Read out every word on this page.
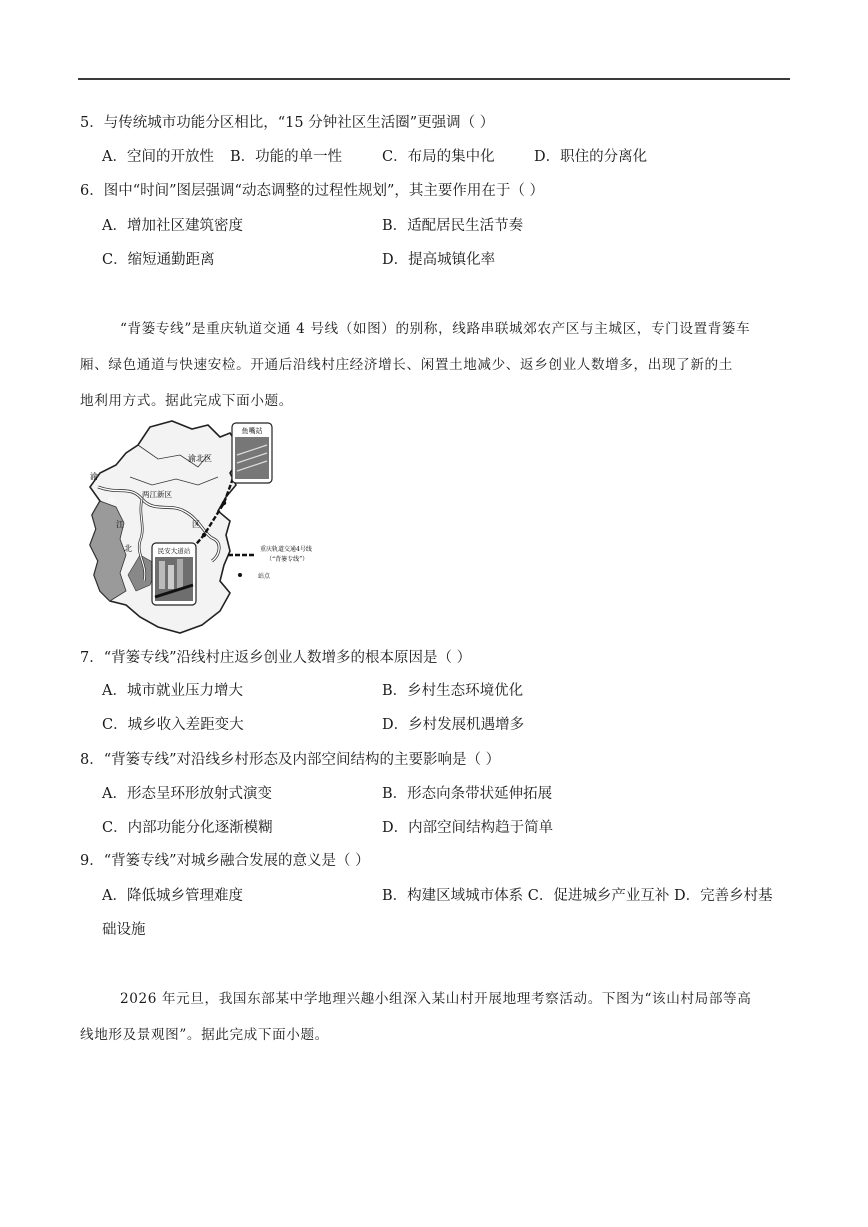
5．与传统城市功能分区相比，“15 分钟社区生活圈”更强调（ ）
A．空间的开放性 B．功能的单一性	C．布局的集中化	D．职住的分离化
6．图中“时间”图层强调“动态调整的过程性规划”，其主要作用在于（ ）
A．增加社区建筑密度	B．适配居民生活节奏
C．缩短通勤距离	D．提高城镇化率

“背篓专线”是重庆轨道交通 4 号线（如图）的别称，线路串联城郊农产区与主城区，专门设置背篓车

厢、绿色通道与快速安检。开通后沿线村庄经济增长、闲置土地减少、返乡创业人数增多，出现了新的土

地利用方式。据此完成下面小题。

鱼嘴站
民安大道站
渝北区
两江新区
渝
中
江
北
区
重庆轨道交通4号线
（“背篓专线”）
站点
7．“背篓专线”沿线村庄返乡创业人数增多的根本原因是（ ）
A．城市就业压力增大	B．乡村生态环境优化
C．城乡收入差距变大	D．乡村发展机遇增多
8．“背篓专线”对沿线乡村形态及内部空间结构的主要影响是（ ）
A．形态呈环形放射式演变	B．形态向条带状延伸拓展
C．内部功能分化逐渐模糊	D．内部空间结构趋于简单
9．“背篓专线”对城乡融合发展的意义是（ ）
A．降低城乡管理难度	B．构建区域城市体系 C．促进城乡产业互补 D．完善乡村基
础设施

2026 年元旦，我国东部某中学地理兴趣小组深入某山村开展地理考察活动。下图为“该山村局部等高

线地形及景观图”。据此完成下面小题。
